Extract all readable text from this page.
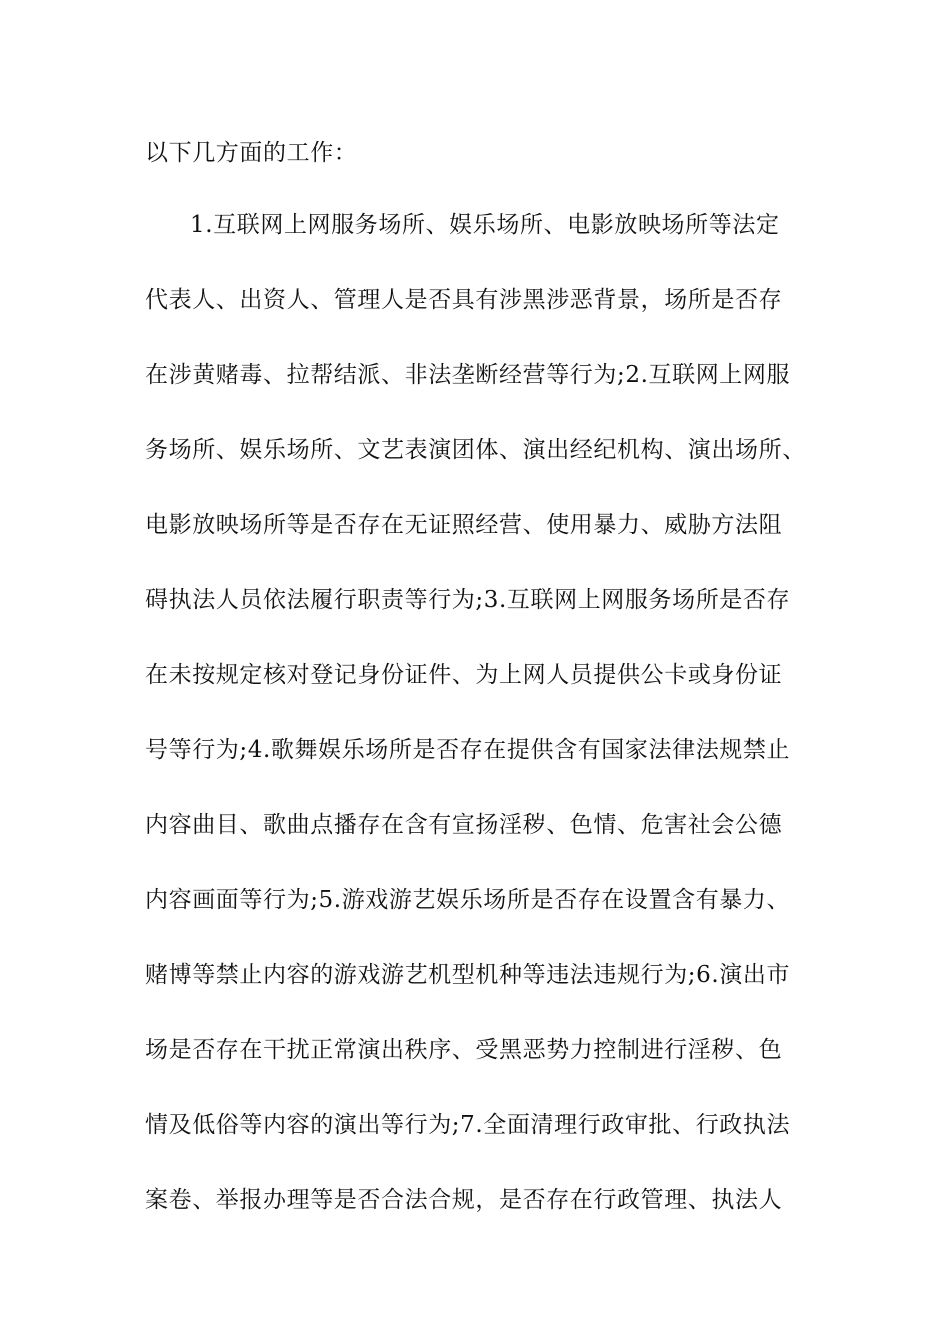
以下几方面的工作：
1.互联网上网服务场所、娱乐场所、电影放映场所等法定
代表人、出资人、管理人是否具有涉黑涉恶背景，场所是否存
在涉黄赌毒、拉帮结派、非法垄断经营等行为;2.互联网上网服
务场所、娱乐场所、文艺表演团体、演出经纪机构、演出场所、
电影放映场所等是否存在无证照经营、使用暴力、威胁方法阻
碍执法人员依法履行职责等行为;3.互联网上网服务场所是否存
在未按规定核对登记身份证件、为上网人员提供公卡或身份证
号等行为;4.歌舞娱乐场所是否存在提供含有国家法律法规禁止
内容曲目、歌曲点播存在含有宣扬淫秽、色情、危害社会公德
内容画面等行为;5.游戏游艺娱乐场所是否存在设置含有暴力、
赌博等禁止内容的游戏游艺机型机种等违法违规行为;6.演出市
场是否存在干扰正常演出秩序、受黑恶势力控制进行淫秽、色
情及低俗等内容的演出等行为;7.全面清理行政审批、行政执法
案卷、举报办理等是否合法合规，是否存在行政管理、执法人
